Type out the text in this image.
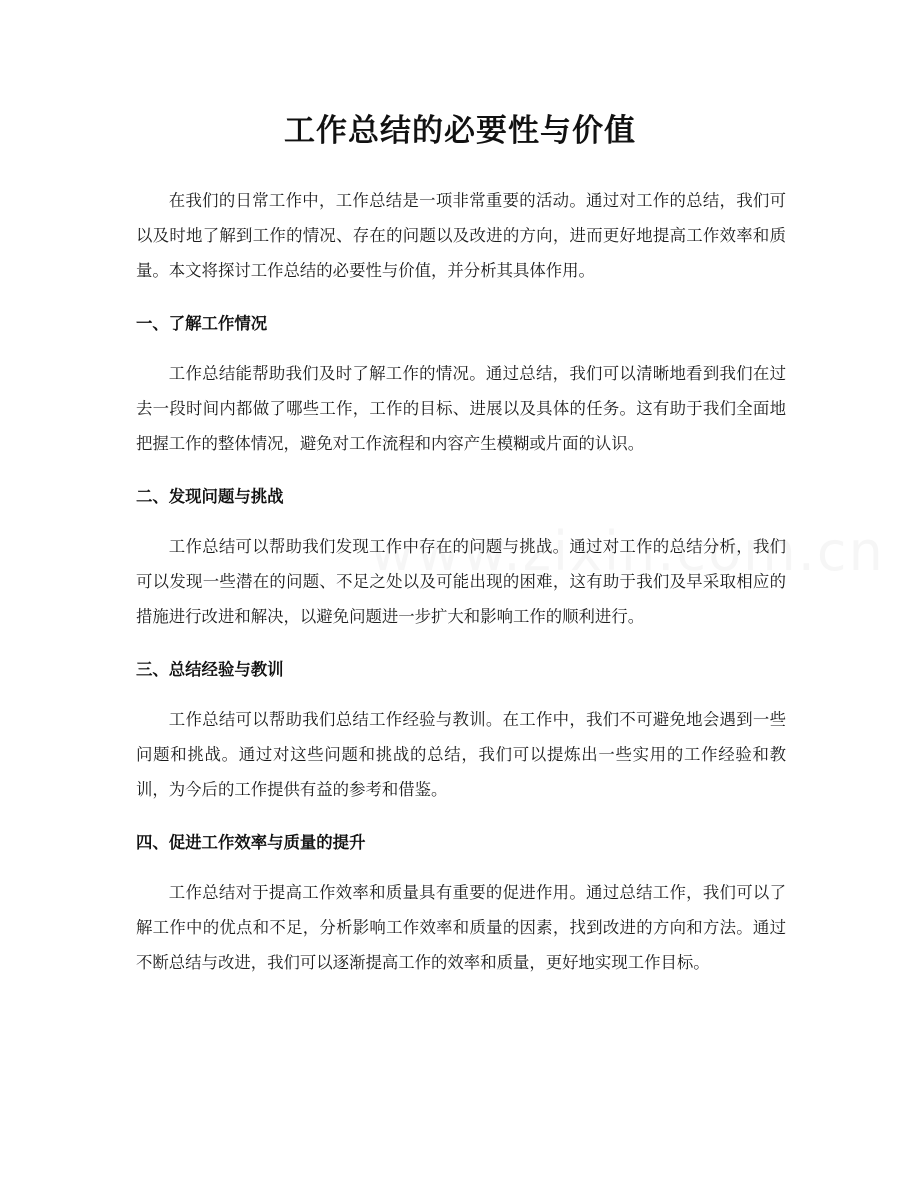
工作总结的必要性与价值

在我们的日常工作中，工作总结是一项非常重要的活动。通过对工作的总结，我们可以及时地了解到工作的情况、存在的问题以及改进的方向，进而更好地提高工作效率和质量。本文将探讨工作总结的必要性与价值，并分析其具体作用。

一、了解工作情况

工作总结能帮助我们及时了解工作的情况。通过总结，我们可以清晰地看到我们在过去一段时间内都做了哪些工作，工作的目标、进展以及具体的任务。这有助于我们全面地把握工作的整体情况，避免对工作流程和内容产生模糊或片面的认识。

二、发现问题与挑战

工作总结可以帮助我们发现工作中存在的问题与挑战。通过对工作的总结分析，我们可以发现一些潜在的问题、不足之处以及可能出现的困难，这有助于我们及早采取相应的措施进行改进和解决，以避免问题进一步扩大和影响工作的顺利进行。

三、总结经验与教训

工作总结可以帮助我们总结工作经验与教训。在工作中，我们不可避免地会遇到一些问题和挑战。通过对这些问题和挑战的总结，我们可以提炼出一些实用的工作经验和教训，为今后的工作提供有益的参考和借鉴。

四、促进工作效率与质量的提升

工作总结对于提高工作效率和质量具有重要的促进作用。通过总结工作，我们可以了解工作中的优点和不足，分析影响工作效率和质量的因素，找到改进的方向和方法。通过不断总结与改进，我们可以逐渐提高工作的效率和质量，更好地实现工作目标。
